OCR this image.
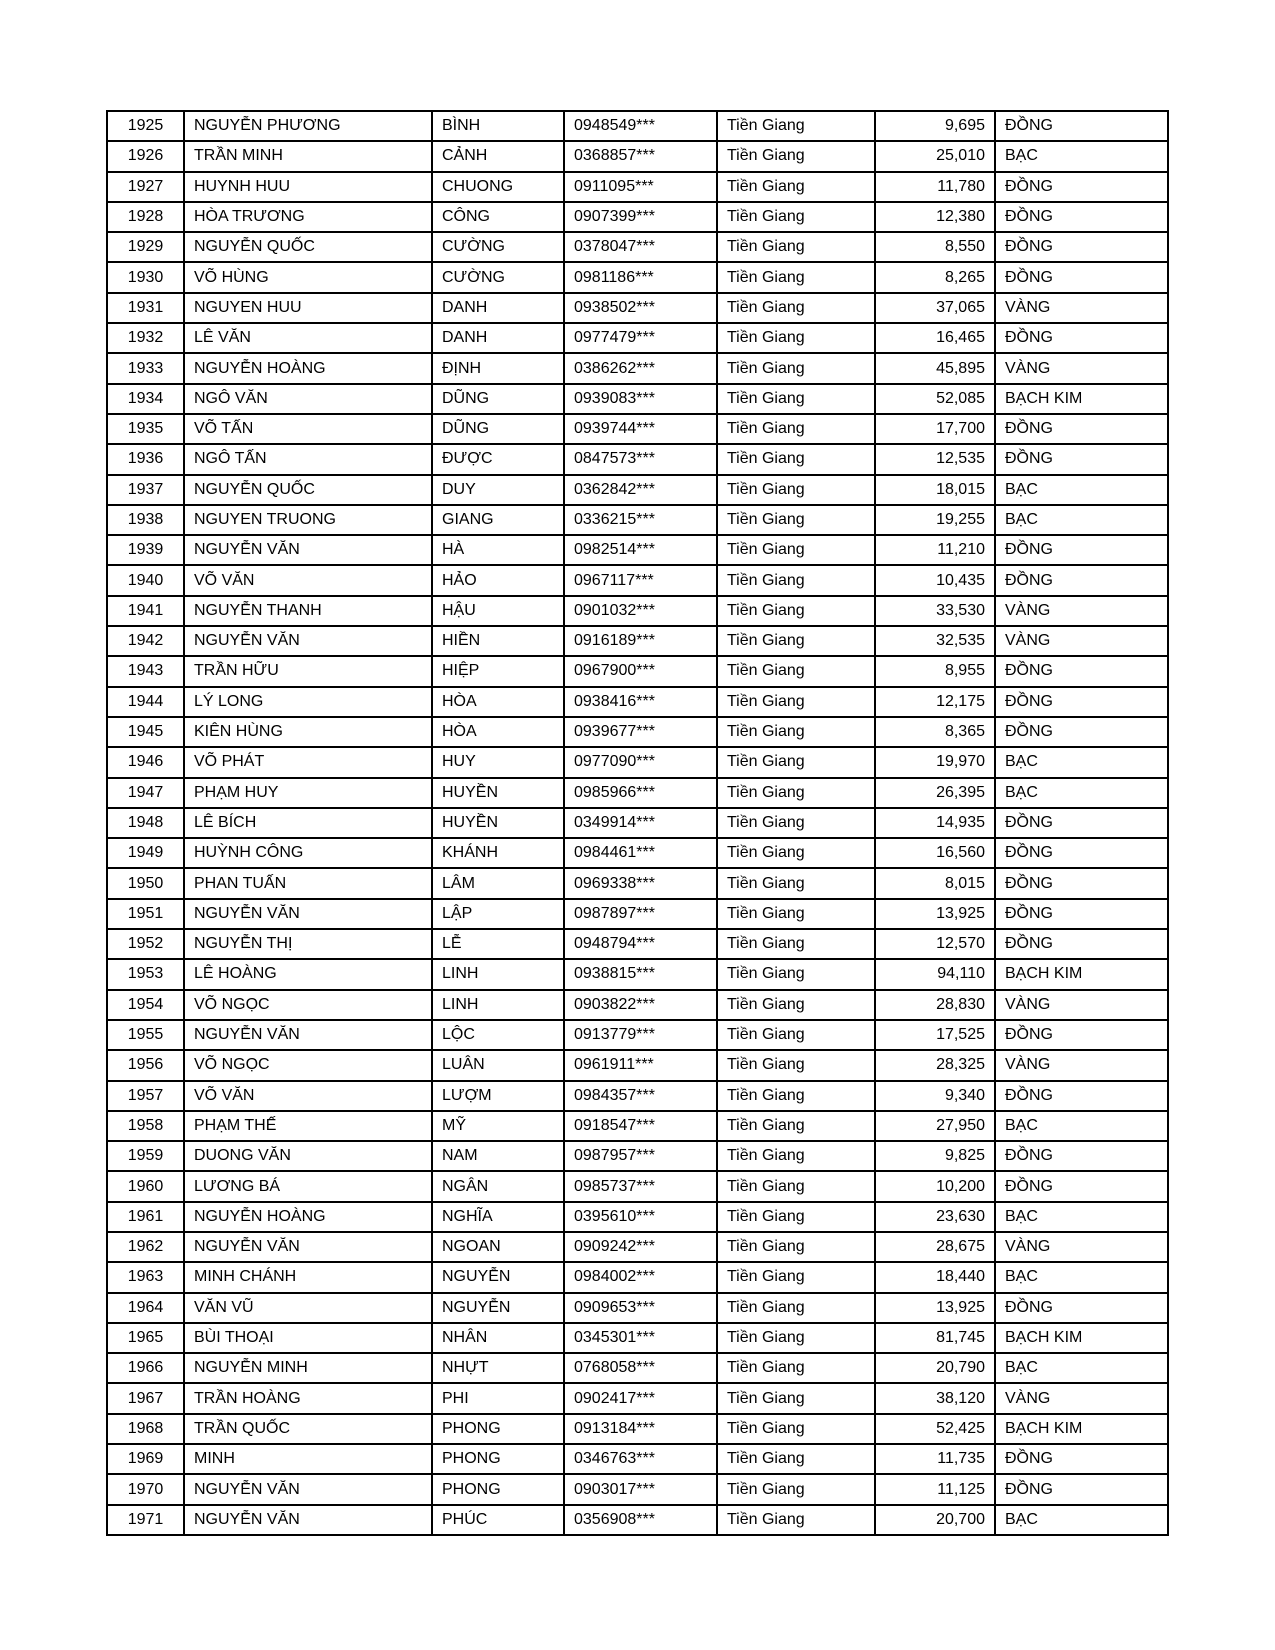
1925	NGUYỄN PHƯƠNG	BÌNH	0948549***	Tiền Giang	9,695	ĐỒNG
1926	TRẦN MINH	CẢNH	0368857***	Tiền Giang	25,010	BẠC
1927	HUYNH HUU	CHUONG	0911095***	Tiền Giang	11,780	ĐỒNG
1928	HÒA TRƯƠNG	CÔNG	0907399***	Tiền Giang	12,380	ĐỒNG
1929	NGUYỄN QUỐC	CƯỜNG	0378047***	Tiền Giang	8,550	ĐỒNG
1930	VÕ HÙNG	CƯỜNG	0981186***	Tiền Giang	8,265	ĐỒNG
1931	NGUYEN HUU	DANH	0938502***	Tiền Giang	37,065	VÀNG
1932	LÊ VĂN	DANH	0977479***	Tiền Giang	16,465	ĐỒNG
1933	NGUYỄN HOÀNG	ĐỊNH	0386262***	Tiền Giang	45,895	VÀNG
1934	NGÔ VĂN	DŨNG	0939083***	Tiền Giang	52,085	BẠCH KIM
1935	VÕ TẤN	DŨNG	0939744***	Tiền Giang	17,700	ĐỒNG
1936	NGÔ TẤN	ĐƯỢC	0847573***	Tiền Giang	12,535	ĐỒNG
1937	NGUYỄN QUỐC	DUY	0362842***	Tiền Giang	18,015	BẠC
1938	NGUYEN TRUONG	GIANG	0336215***	Tiền Giang	19,255	BẠC
1939	NGUYỄN VĂN	HÀ	0982514***	Tiền Giang	11,210	ĐỒNG
1940	VÕ VĂN	HẢO	0967117***	Tiền Giang	10,435	ĐỒNG
1941	NGUYỄN THANH	HẬU	0901032***	Tiền Giang	33,530	VÀNG
1942	NGUYỄN VĂN	HIỀN	0916189***	Tiền Giang	32,535	VÀNG
1943	TRẦN HỮU	HIỆP	0967900***	Tiền Giang	8,955	ĐỒNG
1944	LÝ LONG	HÒA	0938416***	Tiền Giang	12,175	ĐỒNG
1945	KIÊN HÙNG	HÒA	0939677***	Tiền Giang	8,365	ĐỒNG
1946	VÕ PHÁT	HUY	0977090***	Tiền Giang	19,970	BẠC
1947	PHẠM HUY	HUYỀN	0985966***	Tiền Giang	26,395	BẠC
1948	LÊ BÍCH	HUYỀN	0349914***	Tiền Giang	14,935	ĐỒNG
1949	HUỲNH CÔNG	KHÁNH	0984461***	Tiền Giang	16,560	ĐỒNG
1950	PHAN TUẤN	LÂM	0969338***	Tiền Giang	8,015	ĐỒNG
1951	NGUYỄN VĂN	LẬP	0987897***	Tiền Giang	13,925	ĐỒNG
1952	NGUYỄN THỊ	LỄ	0948794***	Tiền Giang	12,570	ĐỒNG
1953	LÊ HOÀNG	LINH	0938815***	Tiền Giang	94,110	BẠCH KIM
1954	VÕ NGỌC	LINH	0903822***	Tiền Giang	28,830	VÀNG
1955	NGUYỄN VĂN	LỘC	0913779***	Tiền Giang	17,525	ĐỒNG
1956	VÕ NGỌC	LUÂN	0961911***	Tiền Giang	28,325	VÀNG
1957	VÕ VĂN	LƯỢM	0984357***	Tiền Giang	9,340	ĐỒNG
1958	PHẠM THẾ	MỸ	0918547***	Tiền Giang	27,950	BẠC
1959	DUONG VĂN	NAM	0987957***	Tiền Giang	9,825	ĐỒNG
1960	LƯƠNG BÁ	NGÂN	0985737***	Tiền Giang	10,200	ĐỒNG
1961	NGUYỄN HOÀNG	NGHĨA	0395610***	Tiền Giang	23,630	BẠC
1962	NGUYỄN VĂN	NGOAN	0909242***	Tiền Giang	28,675	VÀNG
1963	MINH CHÁNH	NGUYỄN	0984002***	Tiền Giang	18,440	BẠC
1964	VĂN VŨ	NGUYỄN	0909653***	Tiền Giang	13,925	ĐỒNG
1965	BÙI THOẠI	NHÂN	0345301***	Tiền Giang	81,745	BẠCH KIM
1966	NGUYỄN MINH	NHỰT	0768058***	Tiền Giang	20,790	BẠC
1967	TRẦN HOÀNG	PHI	0902417***	Tiền Giang	38,120	VÀNG
1968	TRẦN QUỐC	PHONG	0913184***	Tiền Giang	52,425	BẠCH KIM
1969	MINH	PHONG	0346763***	Tiền Giang	11,735	ĐỒNG
1970	NGUYỄN VĂN	PHONG	0903017***	Tiền Giang	11,125	ĐỒNG
1971	NGUYỄN VĂN	PHÚC	0356908***	Tiền Giang	20,700	BẠC
